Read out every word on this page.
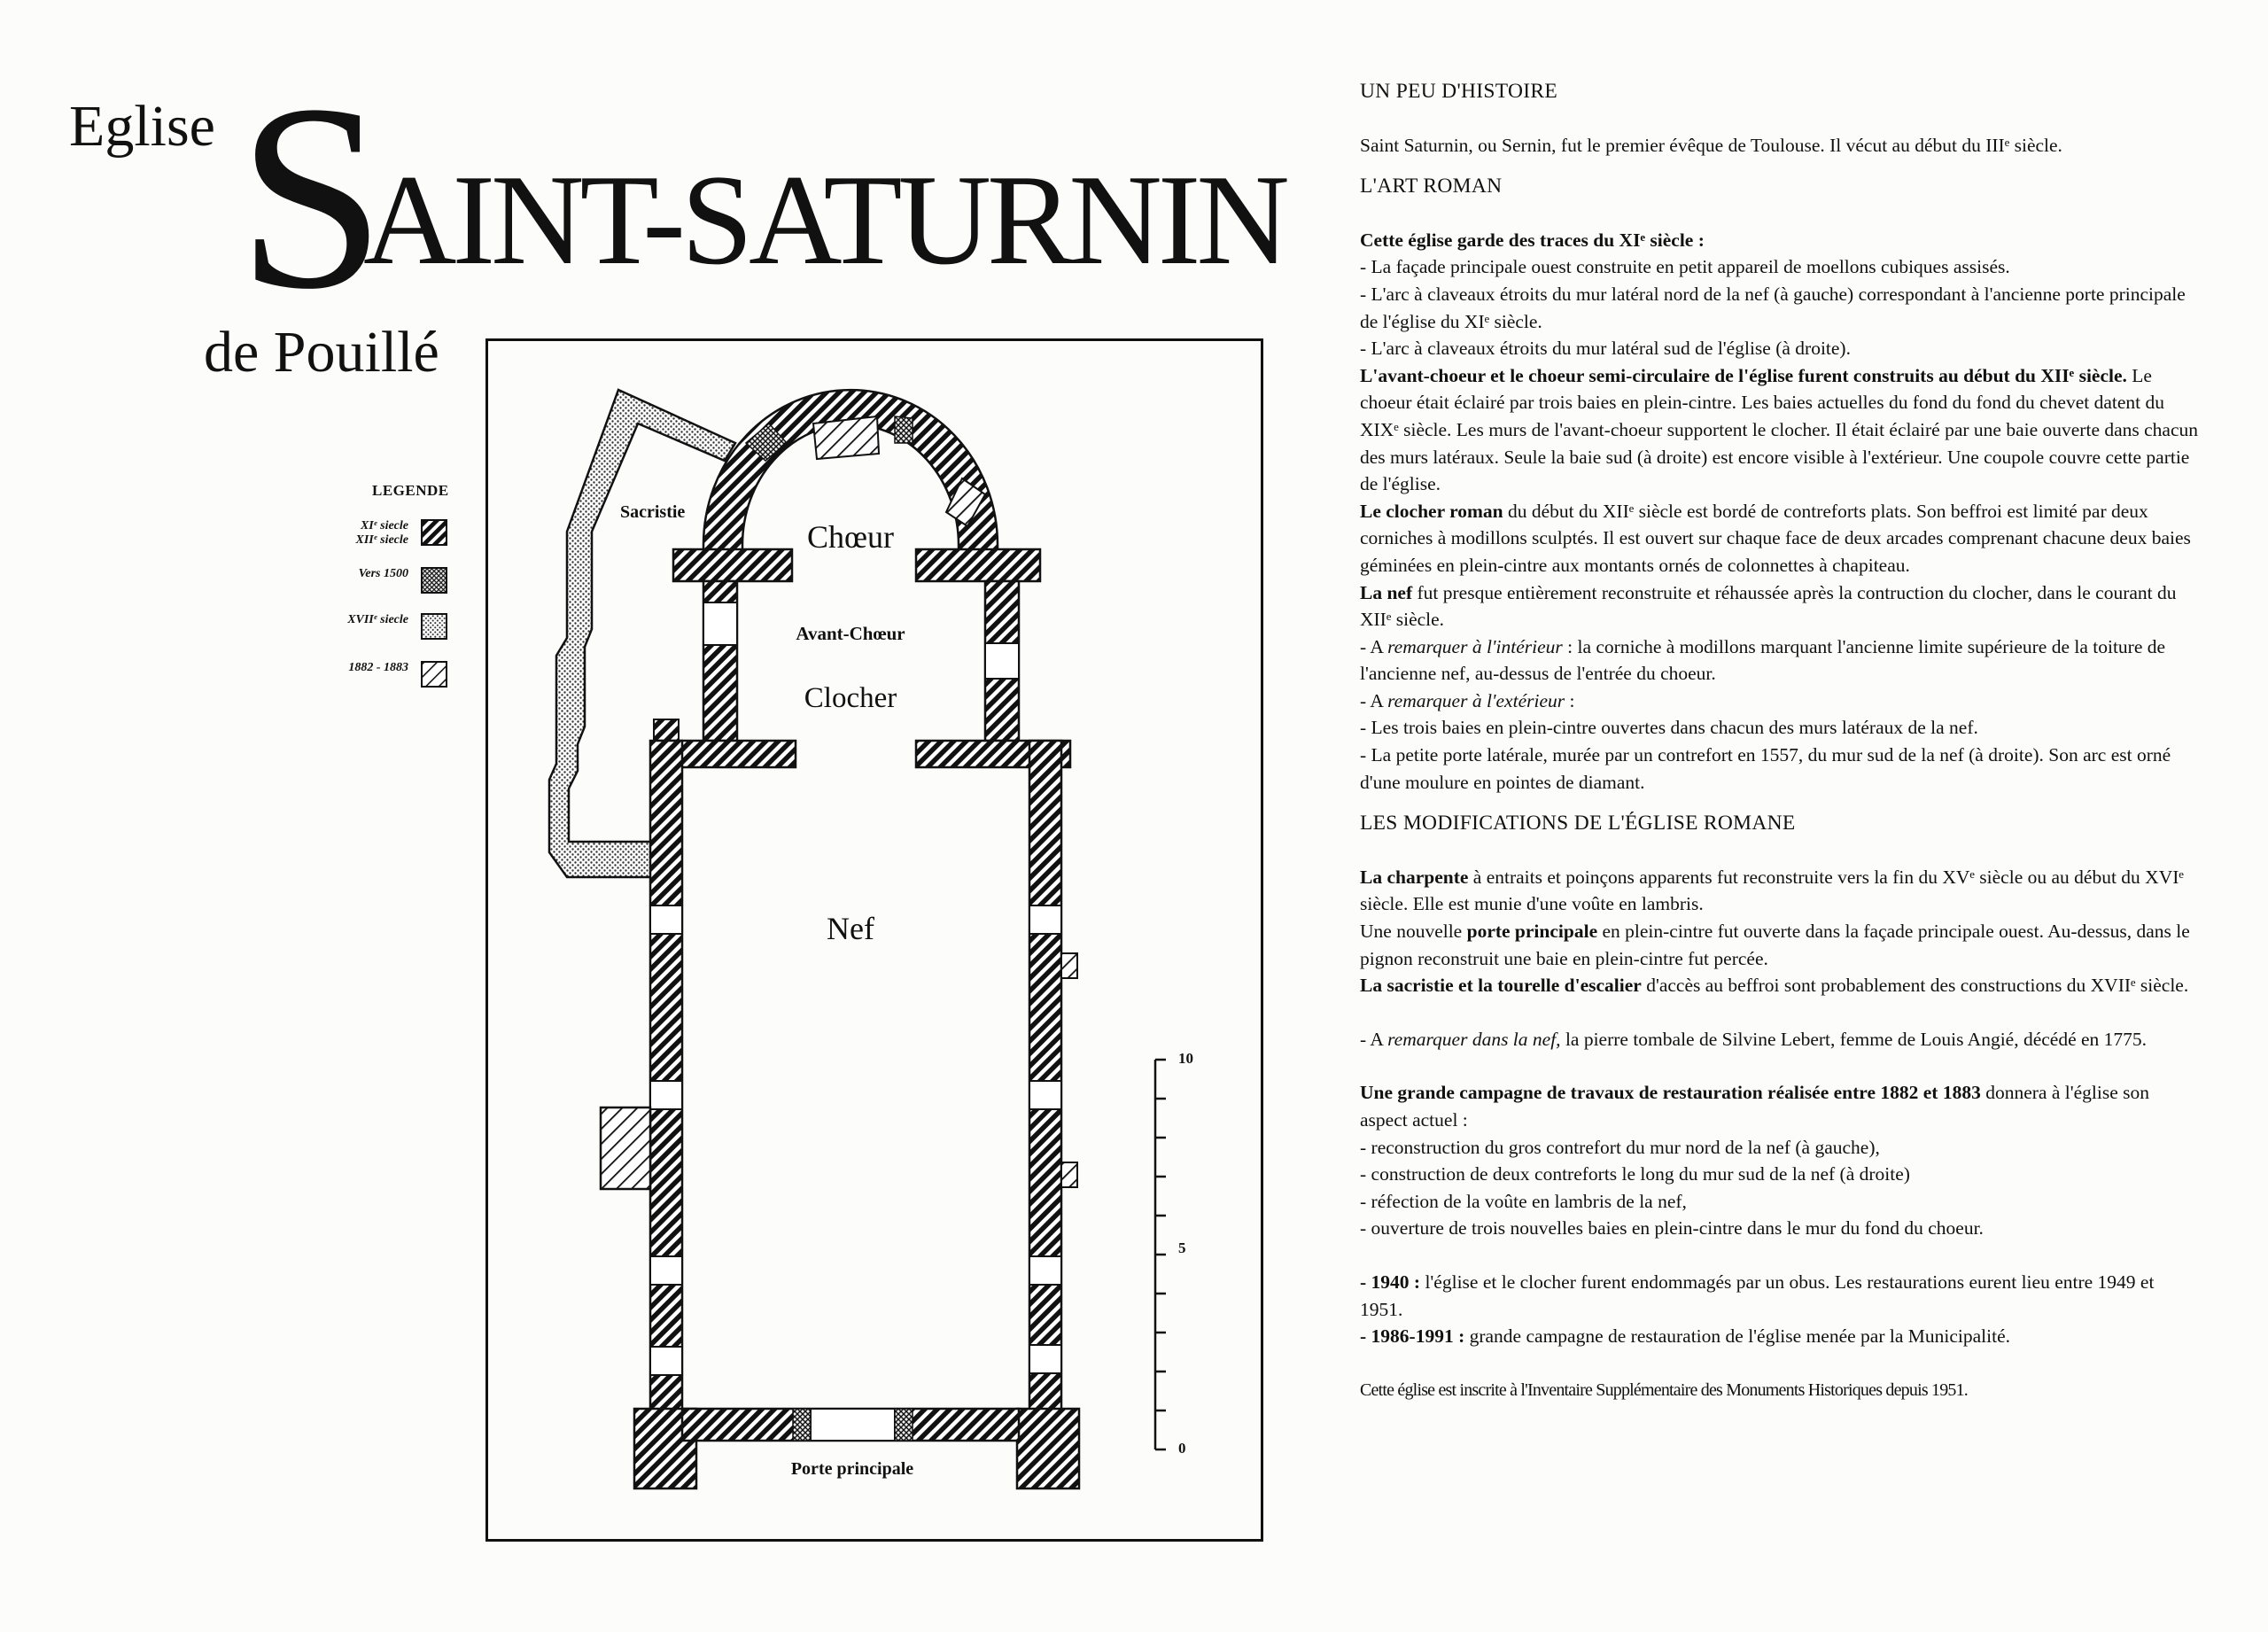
Eglise S
AINT-SATURNIN
de Pouillé
LEGENDE
XIᵉ siecle
XIIᵉ siecle
Vers 1500
XVIIᵉ siecle
1882 - 1883
Sacristie
Chœur
Avant-Chœur
Clocher
Nef
Porte principale
10
5
0
UN PEU D'HISTOIRE

Saint Saturnin, ou Sernin, fut le premier évêque de Toulouse. Il vécut au début du IIIᵉ siècle.

L'ART ROMAN

Cette église garde des traces du XIᵉ siècle :

- La façade principale ouest construite en petit appareil de moellons cubiques assisés.

- L'arc à claveaux étroits du mur latéral nord de la nef (à gauche) correspondant à l'ancienne porte principale de l'église du XIᵉ siècle.

- L'arc à claveaux étroits du mur latéral sud de l'église (à droite).

L'avant-choeur et le choeur semi-circulaire de l'église furent construits au début du XIIᵉ siècle. Le choeur était éclairé par trois baies en plein-cintre. Les baies actuelles du fond du fond du chevet datent du XIXᵉ siècle. Les murs de l'avant-choeur supportent le clocher. Il était éclairé par une baie ouverte dans chacun des murs latéraux. Seule la baie sud (à droite) est encore visible à l'extérieur. Une coupole couvre cette partie de l'église.

Le clocher roman du début du XIIᵉ siècle est bordé de contreforts plats. Son beffroi est limité par deux corniches à modillons sculptés. Il est ouvert sur chaque face de deux arcades comprenant chacune deux baies géminées en plein-cintre aux montants ornés de colonnettes à chapiteau.

La nef fut presque entièrement reconstruite et réhaussée après la contruction du clocher, dans le courant du XIIᵉ siècle.

- A remarquer à l'intérieur : la corniche à modillons marquant l'ancienne limite supérieure de la toiture de l'ancienne nef, au-dessus de l'entrée du choeur.

- A remarquer à l'extérieur :

- Les trois baies en plein-cintre ouvertes dans chacun des murs latéraux de la nef.

- La petite porte latérale, murée par un contrefort en 1557, du mur sud de la nef (à droite). Son arc est orné d'une moulure en pointes de diamant.

LES MODIFICATIONS DE L'ÉGLISE ROMANE

La charpente à entraits et poinçons apparents fut reconstruite vers la fin du XVᵉ siècle ou au début du XVIᵉ siècle. Elle est munie d'une voûte en lambris.

Une nouvelle porte principale en plein-cintre fut ouverte dans la façade principale ouest. Au-dessus, dans le pignon reconstruit une baie en plein-cintre fut percée.

La sacristie et la tourelle d'escalier d'accès au beffroi sont probablement des constructions du XVIIᵉ siècle.

- A remarquer dans la nef, la pierre tombale de Silvine Lebert, femme de Louis Angié, décédé en 1775.

Une grande campagne de travaux de restauration réalisée entre 1882 et 1883 donnera à l'église son aspect actuel :

- reconstruction du gros contrefort du mur nord de la nef (à gauche),

- construction de deux contreforts le long du mur sud de la nef (à droite)

- réfection de la voûte en lambris de la nef,

- ouverture de trois nouvelles baies en plein-cintre dans le mur du fond du choeur.

- 1940 : l'église et le clocher furent endommagés par un obus. Les restaurations eurent lieu entre 1949 et 1951.

- 1986-1991 : grande campagne de restauration de l'église menée par la Municipalité.

Cette église est inscrite à l'Inventaire Supplémentaire des Monuments Historiques depuis 1951.
